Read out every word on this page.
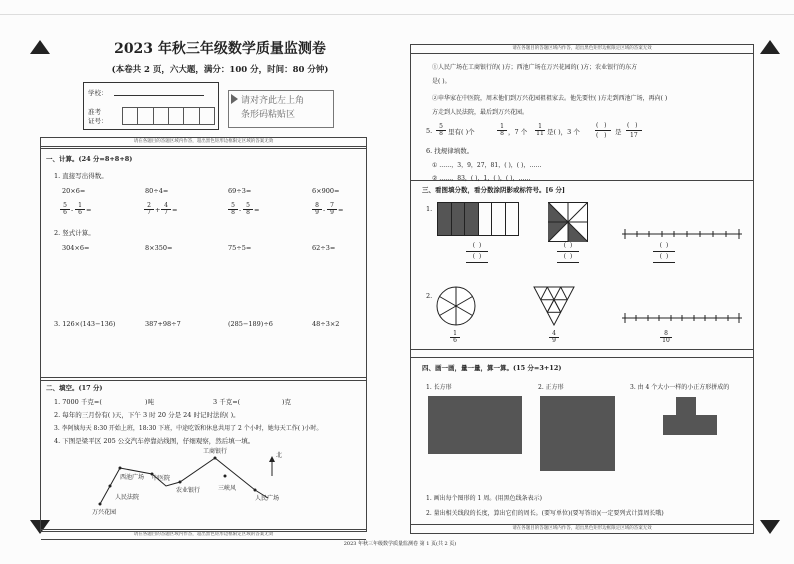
2023 年秋三年级数学质量监测卷
(本卷共 2 页，六大题，满分：100 分，时间：80 分钟)
学校：
准考
证号：
请对齐此左上角
条形码粘贴区
请在各题目的答题区域内作答，超出黑色矩形边框限定区域的答案无效
请在各题目的答题区域内作答，超出黑色矩形边框限定区域的答案无效
一、计算。(24 分=8+8+8)
1. 直接写出得数。
20×6=	80÷4=	69÷3=	6×900=
$\frac{5}{6} - \frac{1}{6}$ =	$\frac{2}{7} + \frac{4}{7}$ =	$\frac{5}{8} - \frac{5}{8}$ =	$\frac{8}{9} - \frac{7}{9}$ =
2. 竖式计算。
304×6=	8×350=	75÷5=	62÷3=
3. 126×(143−136)	387+98÷7	(285−189)÷6	48÷3×2
二、填空。(17 分)
1. 7000 千克=(	)吨	3 千克=(	)克
2. 每年的三月份有( )天，下午 3 时 20 分是 24 时记时法的( )。
3. 李阿姨每天 8:30 开始上班，18:30 下班，中途吃饭和休息共用了 2 个小时，她每天工作( )小时。
4. 下图是梁平区 205 公交汽车停靠站线图，仔细观察，然后填一填。
工商银行
北
西池广场 中医院
人民法院
农业银行	三峡风
人民广场
万兴花园
请在各题目的答题区域内作答，超出黑色矩形边框限定区域的答案无效
请在各题目的答题区域内作答，超出黑色矩形边框限定区域的答案无效
①人民广场在工商银行的( )方；西池广场在万兴花园的( )方；农业银行的东方
是( )。
②申华家在中医院，周末他们到万兴花园祖祖家去。他先要往( )方走到西池广场，再向( )
方走到人民法院，最后到万兴花园。
5. $\frac{5}{8}$ 里有( )个	$\frac{1}{8}$ ，7 个 $\frac{1}{11}$ 是( )，3 个
(   )
(   ) 是
(   )
17
6. 找规律填数。
① ……，3，9，27，81，( )，( )，……
② ……，83，( )，1，( )，( )，……
三、看图填分数，看分数涂阴影或标符号。[6 分]
1.
(  )
(  )
(  )
(  )
(  )
(  )
2.
$\frac{1}{6}$	$\frac{4}{9}$	$\frac{8}{10}$
四、画一画，量一量，算一算。(15 分=3+12)
1. 长方形	2. 正方形	3. 由 4 个大小一样的小正方形拼成的
1. 画出每个图形的 1 周。(用黑色线条表示)
2. 量出相关线段的长度，算出它们的周长。(要写单位)(要写答语)(一定要列式计算周长哦)
2023 年秋三年级数学质量监测卷 第 1 页(共 2 页)
